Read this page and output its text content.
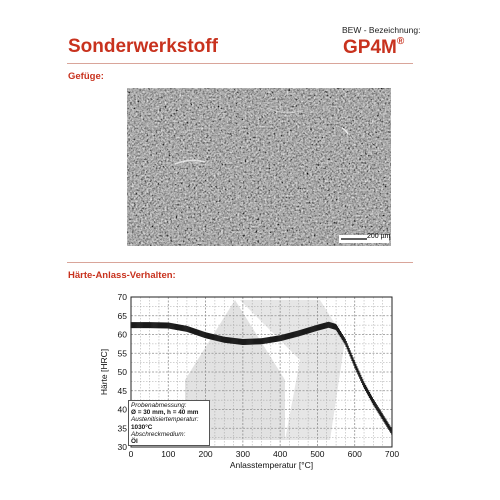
Sonderwerkstoff
BEW - Bezeichnung:
GP4M®
Gefüge:
200 µm
Härte-Anlass-Verhalten:
0	100	200	300	400	500	600	700
30
35
40
45
50
55
60
65
70
Anlasstemperatur [°C]
Härte [HRC]
Probenabmessung:
Ø = 30 mm, h = 40 mm
Austenitisiertemperatur:
1030°C
Abschreckmedium:
Öl
